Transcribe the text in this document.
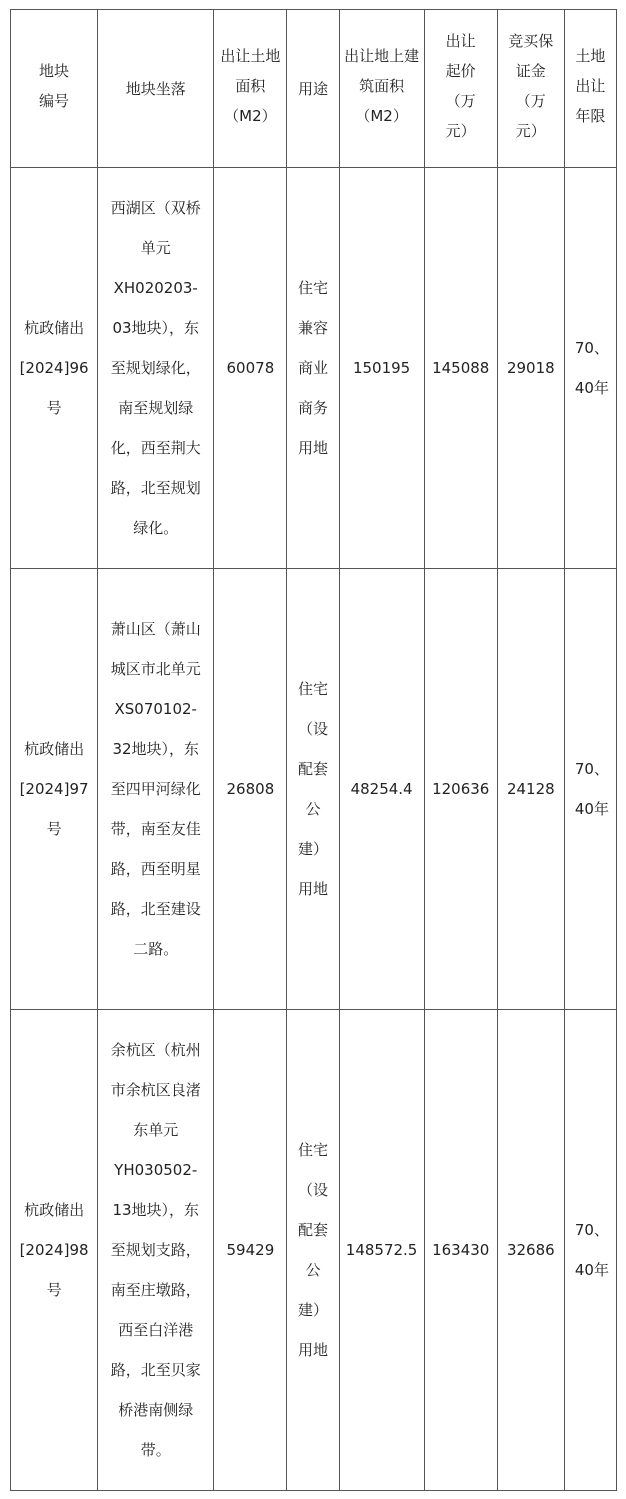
地块编号	地块坐落	出让土地面积（M2）	用途	出让地上建筑面积（M2）	出让起价（万元）	竞买保证金（万元）	土地出让年限
杭政储出[2024]96号	西湖区（双桥单元XH020203-03地块），东至规划绿化，南至规划绿化，西至荆大路，北至规划绿化。	60078	住宅兼容商业商务用地	150195	145088	29018	70、40年
杭政储出[2024]97号	萧山区（萧山城区市北单元XS070102-32地块），东至四甲河绿化带，南至友佳路，西至明星路，北至建设二路。	26808	住宅（设配套公建）用地	48254.4	120636	24128	70、40年
杭政储出[2024]98号	余杭区（杭州市余杭区良渚东单元YH030502-13地块），东至规划支路，南至庄墩路，西至白洋港路，北至贝家桥港南侧绿带。	59429	住宅（设配套公建）用地	148572.5	163430	32686	70、40年
